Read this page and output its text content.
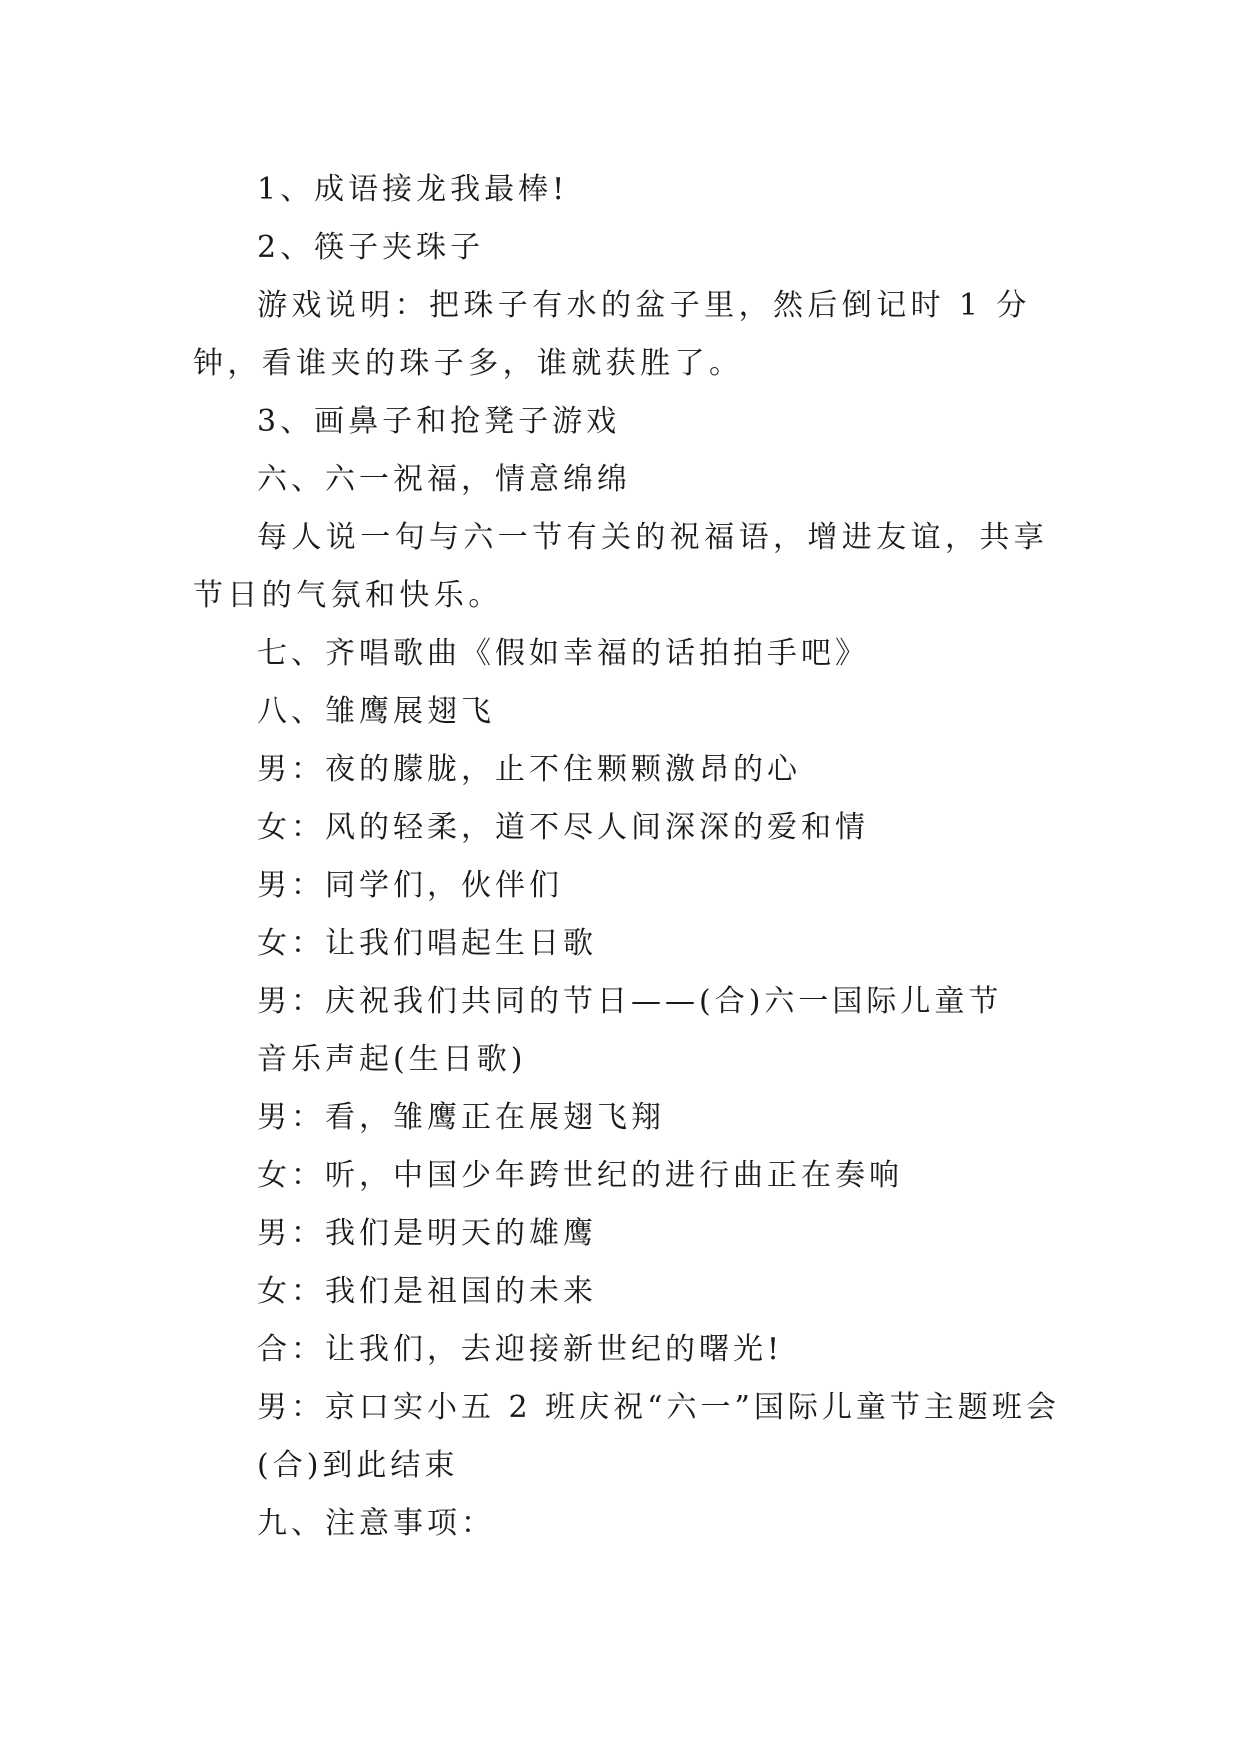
1、成语接龙我最棒!

2、筷子夹珠子

游戏说明：把珠子有水的盆子里，然后倒记时 1 分钟，看谁夹的珠子多，谁就获胜了。

3、画鼻子和抢凳子游戏

六、六一祝福，情意绵绵

每人说一句与六一节有关的祝福语，增进友谊，共享节日的气氛和快乐。

七、齐唱歌曲《假如幸福的话拍拍手吧》

八、雏鹰展翅飞

男：夜的朦胧，止不住颗颗激昂的心

女：风的轻柔，道不尽人间深深的爱和情

男：同学们，伙伴们

女：让我们唱起生日歌

男：庆祝我们共同的节日——(合)六一国际儿童节

音乐声起(生日歌)

男：看，雏鹰正在展翅飞翔

女：听，中国少年跨世纪的进行曲正在奏响

男：我们是明天的雄鹰

女：我们是祖国的未来

合：让我们，去迎接新世纪的曙光!

男：京口实小五 2 班庆祝“六一”国际儿童节主题班会

(合)到此结束

九、注意事项：
